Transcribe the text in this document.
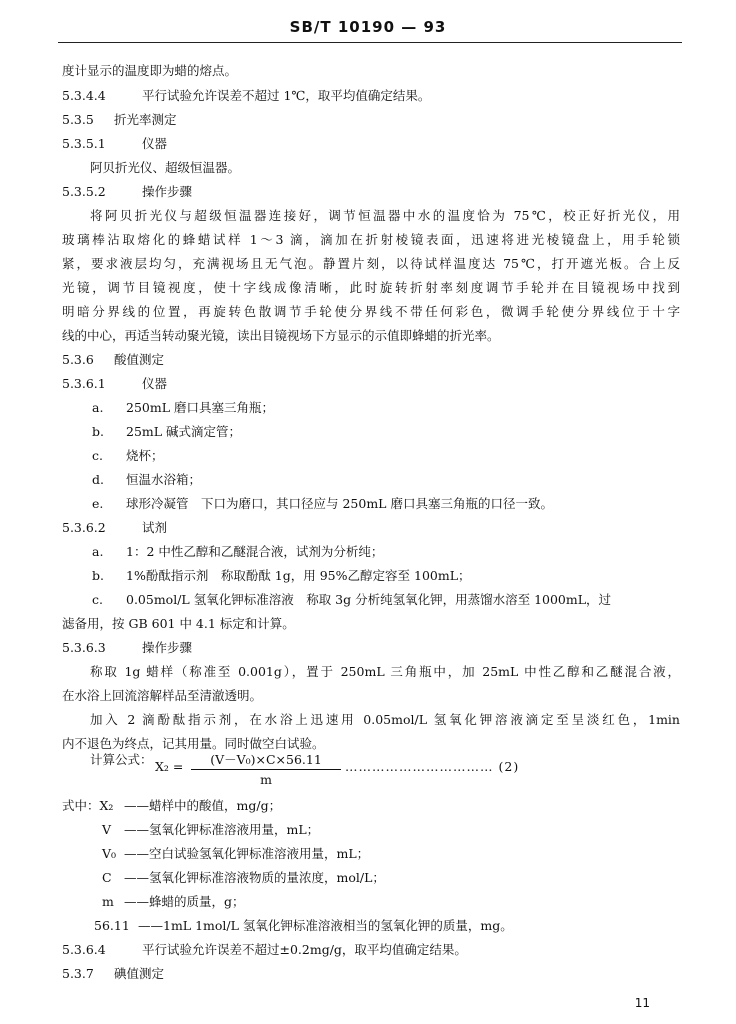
SB/T 10190 — 93
度计显示的温度即为蜡的熔点。
5.3.4.4	平行试验允许误差不超过 1℃，取平均值确定结果。
5.3.5 折光率测定
5.3.5.1	仪器
阿贝折光仪、超级恒温器。
5.3.5.2	操作步骤
将阿贝折光仪与超级恒温器连接好，调节恒温器中水的温度恰为 75℃，校正好折光仪，用
玻璃棒沾取熔化的蜂蜡试样 1～3 滴，滴加在折射棱镜表面，迅速将进光棱镜盘上，用手轮锁
紧，要求液层均匀，充满视场且无气泡。静置片刻，以待试样温度达 75℃，打开遮光板。合上反
光镜，调节目镜视度，使十字线成像清晰，此时旋转折射率刻度调节手轮并在目镜视场中找到
明暗分界线的位置，再旋转色散调节手轮使分界线不带任何彩色，微调手轮使分界线位于十字
线的中心，再适当转动聚光镜，读出目镜视场下方显示的示值即蜂蜡的折光率。
5.3.6 酸值测定
5.3.6.1	仪器
a. 250mL 磨口具塞三角瓶；
b. 25mL 碱式滴定管；
c. 烧杯；
d. 恒温水浴箱；
e. 球形冷凝管　下口为磨口，其口径应与 250mL 磨口具塞三角瓶的口径一致。
5.3.6.2	试剂
a. 1：2 中性乙醇和乙醚混合液，试剂为分析纯；
b. 1%酚酞指示剂　称取酚酞 1g，用 95%乙醇定容至 100mL；
c. 0.05mol/L 氢氧化钾标准溶液　称取 3g 分析纯氢氧化钾，用蒸馏水溶至 1000mL，过
滤备用，按 GB 601 中 4.1 标定和计算。
5.3.6.3	操作步骤
称取 1g 蜡样（称准至 0.001g），置于 250mL 三角瓶中，加 25mL 中性乙醇和乙醚混合液，
在水浴上回流溶解样品至清澈透明。
加入 2 滴酚酞指示剂，在水浴上迅速用 0.05mol/L 氢氧化钾溶液滴定至呈淡红色，1min
内不退色为终点，记其用量。同时做空白试验。
计算公式： $X_2 = \frac{\text{(V－V₀)×C×56.11}}{m}$ …………………………… (2)
式中：X₂ ——蜡样中的酸值，mg/g；
V ——氢氧化钾标准溶液用量，mL；
V₀ ——空白试验氢氧化钾标准溶液用量，mL；
C ——氢氧化钾标准溶液物质的量浓度，mol/L；
m ——蜂蜡的质量，g；
56.11 ——1mL 1mol/L 氢氧化钾标准溶液相当的氢氧化钾的质量，mg。
5.3.6.4	平行试验允许误差不超过±0.2mg/g，取平均值确定结果。
5.3.7 碘值测定
11
